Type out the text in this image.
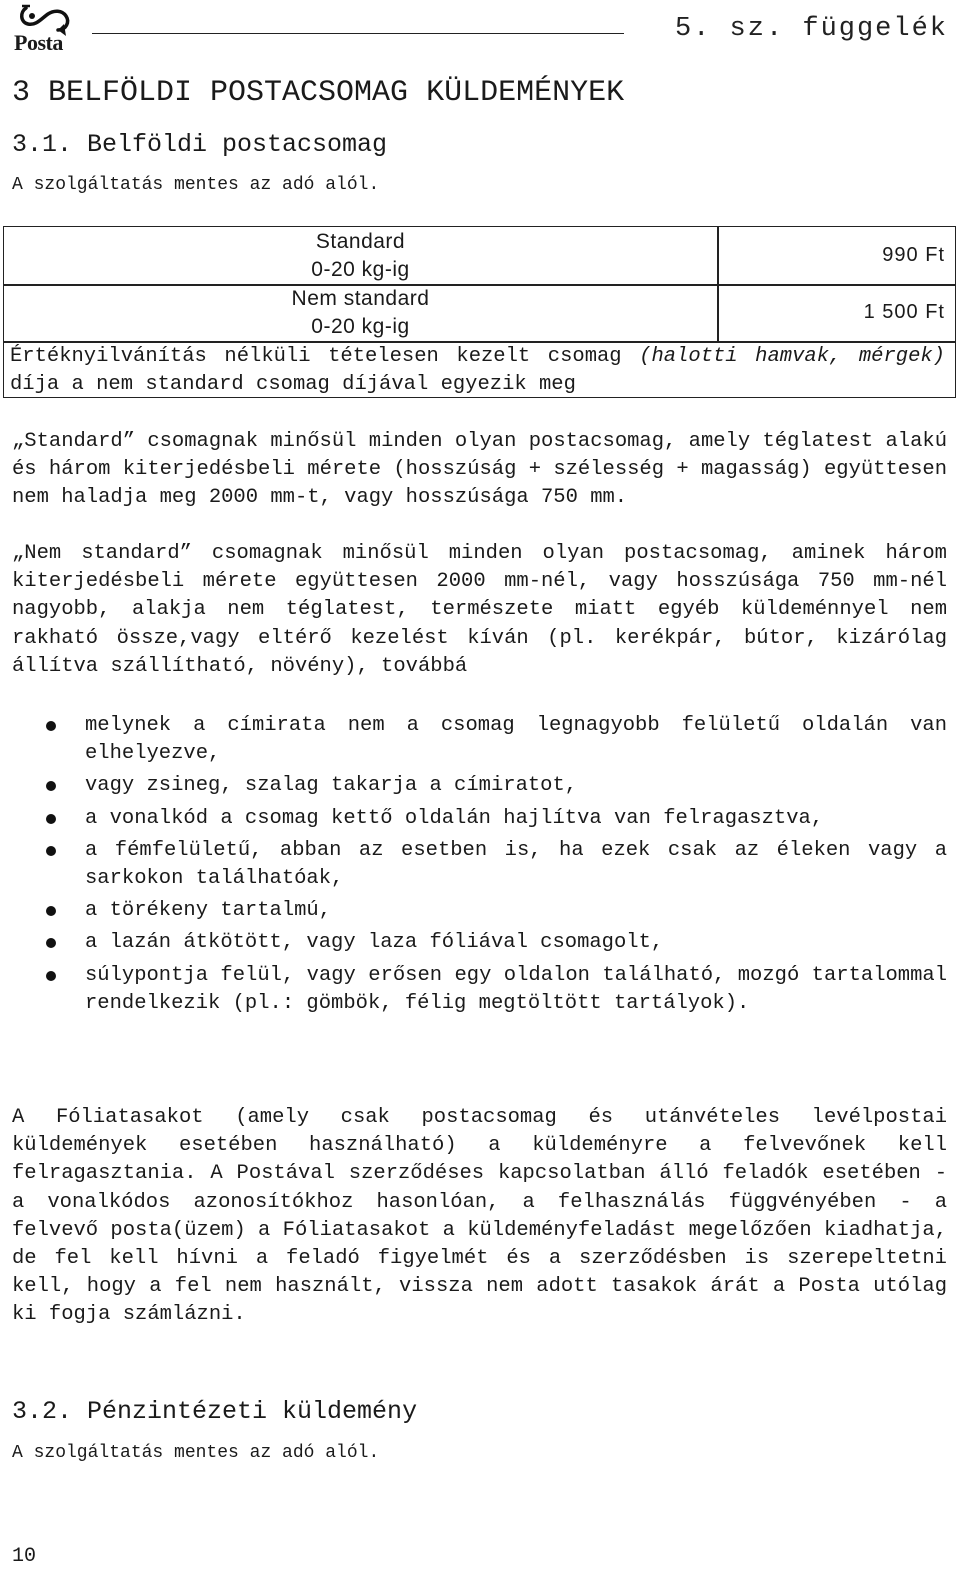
Posta	5. sz. függelék
3 BELFÖLDI POSTACSOMAG KÜLDEMÉNYEK
3.1. Belföldi postacsomag
A szolgáltatás mentes az adó alól.
Standard
0-20 kg-ig
990 Ft
Nem standard
0-20 kg-ig
1 500 Ft
Értéknyilvánítás nélküli tételesen kezelt csomag (halotti hamvak, mérgek) díja a nem standard csomag díjával egyezik meg
„Standard” csomagnak minősül minden olyan postacsomag, amely téglatest alakú és három kiterjedésbeli mérete (hosszúság + szélesség + magasság) együttesen nem haladja meg 2000 mm-t, vagy hosszúsága 750 mm.
„Nem standard” csomagnak minősül minden olyan postacsomag, aminek három kiterjedésbeli mérete együttesen 2000 mm-nél, vagy hosszúsága 750 mm-nél nagyobb, alakja nem téglatest, természete miatt egyéb küldeménnyel nem rakható össze,vagy eltérő kezelést kíván (pl. kerékpár, bútor, kizárólag állítva szállítható, növény), továbbá
melynek a címirata nem a csomag legnagyobb felületű oldalán van elhelyezve,
vagy zsineg, szalag takarja a címiratot,
a vonalkód a csomag kettő oldalán hajlítva van felragasztva,
a fémfelületű, abban az esetben is, ha ezek csak az éleken vagy a sarkokon találhatóak,
a törékeny tartalmú,
a lazán átkötött, vagy laza fóliával csomagolt,
súlypontja felül, vagy erősen egy oldalon található, mozgó tartalommal rendelkezik (pl.: gömbök, félig megtöltött tartályok).
A Fóliatasakot (amely csak postacsomag és utánvételes levélpostai küldemények esetében használható) a küldeményre a felvevőnek kell felragasztania. A Postával szerződéses kapcsolatban álló feladók esetében - a vonalkódos azonosítókhoz hasonlóan, a felhasználás függvényében - a felvevő posta(üzem) a Fóliatasakot a küldeményfeladást megelőzően kiadhatja, de fel kell hívni a feladó figyelmét és a szerződésben is szerepeltetni kell, hogy a fel nem használt, vissza nem adott tasakok árát a Posta utólag ki fogja számlázni.
3.2. Pénzintézeti küldemény
A szolgáltatás mentes az adó alól.
10
